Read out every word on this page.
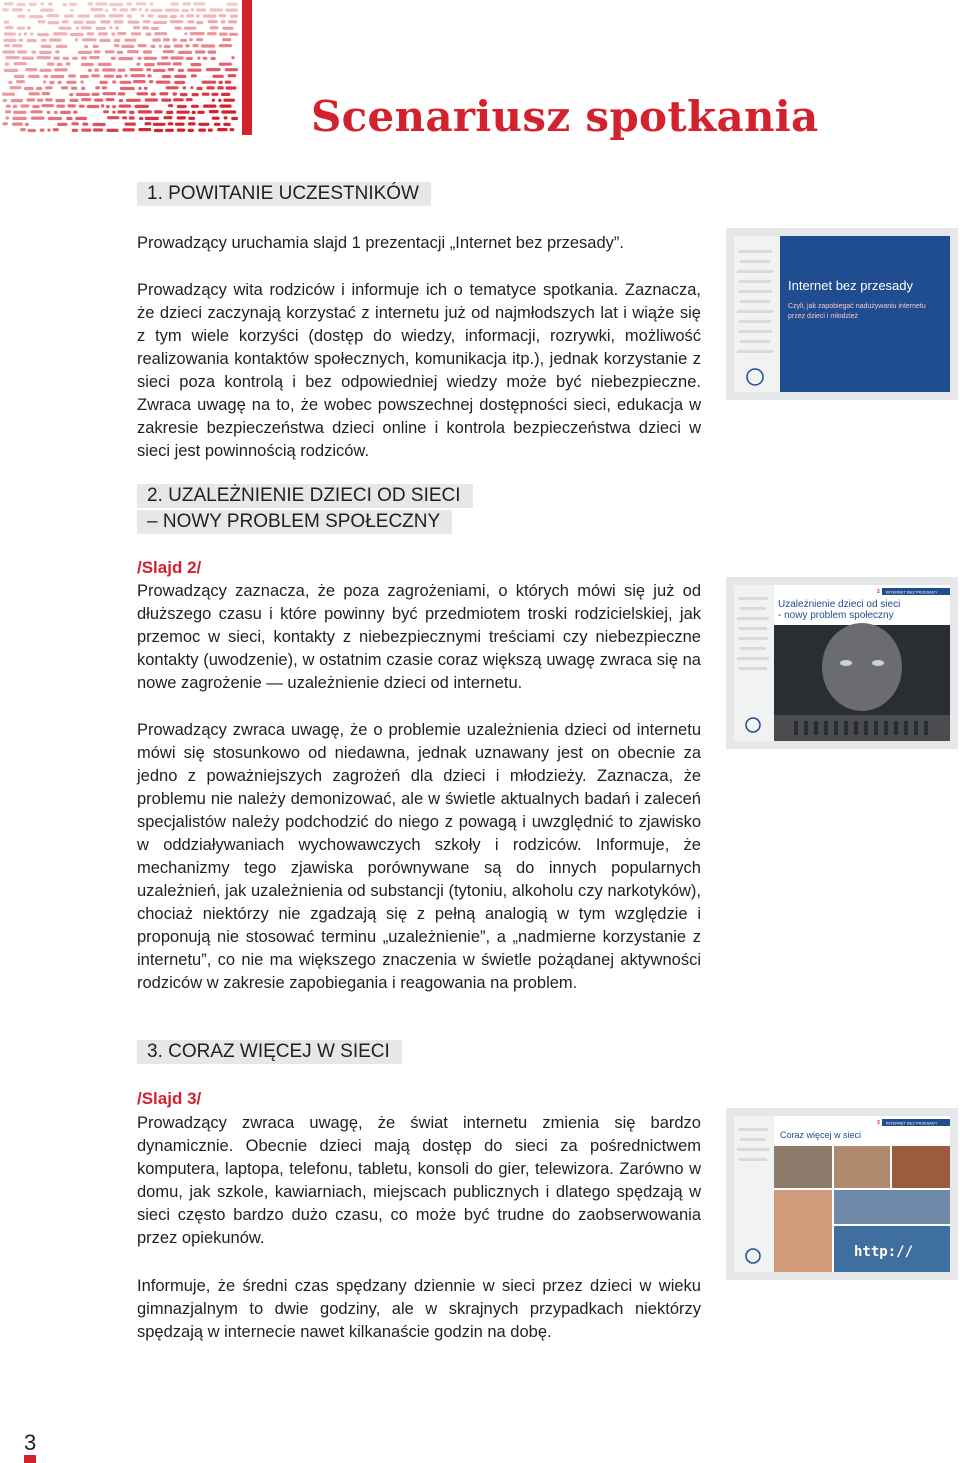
Scenariusz spotkania
1. POWITANIE UCZESTNIKÓW

Prowadzący uruchamia slajd 1 prezentacji „Internet bez przesady”.

Prowadzący wita rodziców i informuje ich o tematyce spotkania. Zaznacza, że dzieci zaczynają korzystać z internetu już od najmłodszych lat i wiąże się z tym wiele korzyści (dostęp do wiedzy, informacji, rozrywki, możliwość realizowania kontaktów społecznych, komunikacja itp.), jednak korzystanie z sieci poza kontrolą i bez odpowiedniej wiedzy może być niebezpieczne. Zwraca uwagę na to, że wobec powszechnej dostępności sieci, edukacja w zakresie bezpieczeństwa dzieci online i kontrola bezpieczeństwa dzieci w sieci jest powinnością rodziców.

Internet bez przesady
Czyli, jak zapobiegać nadużywaniu internetu
przez dzieci i młodzież
2. UZALEŻNIENIE DZIECI OD SIECI
– NOWY PROBLEM SPOŁECZNY

/Slajd 2/

Prowadzący zaznacza, że poza zagrożeniami, o których mówi się już od dłuższego czasu i które powinny być przedmiotem troski rodzicielskiej, jak przemoc w sieci, kontakty z niebezpiecznymi treściami czy niebezpieczne kontakty (uwodzenie), w ostatnim czasie coraz większą uwagę zwraca się na nowe zagrożenie — uzależnienie dzieci od internetu.

Prowadzący zwraca uwagę, że o problemie uzależnienia dzieci od internetu mówi się stosunkowo od niedawna, jednak uznawany jest on obecnie za jedno z poważniejszych zagrożeń dla dzieci i młodzieży. Zaznacza, że problemu nie należy demonizować, ale w świetle aktualnych badań i zaleceń specjalistów należy podchodzić do niego z powagą i uwzględnić to zjawisko w oddziaływaniach wychowawczych szkoły i rodziców. Informuje, że mechanizmy tego zjawiska porównywane są do innych popularnych uzależnień, jak uzależnienia od substancji (tytoniu, alkoholu czy narkotyków), chociaż niektórzy nie zgadzają się z pełną analogią w tym względzie i proponują nie stosować terminu „uzależnienie”, a „nadmierne korzystanie z internetu”, co nie ma większego znaczenia w świetle pożądanej aktywności rodziców w zakresie zapobiegania i reagowania na problem.

2 INTERNET BEZ PRZESADY
Uzależnienie dzieci od sieci
- nowy problem społeczny
3. CORAZ WIĘCEJ W SIECI

/Slajd 3/

Prowadzący zwraca uwagę, że świat internetu zmienia się bardzo dynamicznie. Obecnie dzieci mają dostęp do sieci za pośrednictwem komputera, laptopa, telefonu, tabletu, konsoli do gier, telewizora. Zarówno w domu, jak szkole, kawiarniach, miejscach publicznych i dlatego spędzają w sieci często bardzo dużo czasu, co może być trudne do zaobserwowania przez opiekunów.

Informuje, że średni czas spędzany dziennie w sieci przez dzieci w wieku gimnazjalnym to dwie godziny, ale w skrajnych przypadkach niektórzy spędzają w internecie nawet kilkanaście godzin na dobę.

3 INTERNET BEZ PRZESADY
Coraz więcej w sieci
http://
3
